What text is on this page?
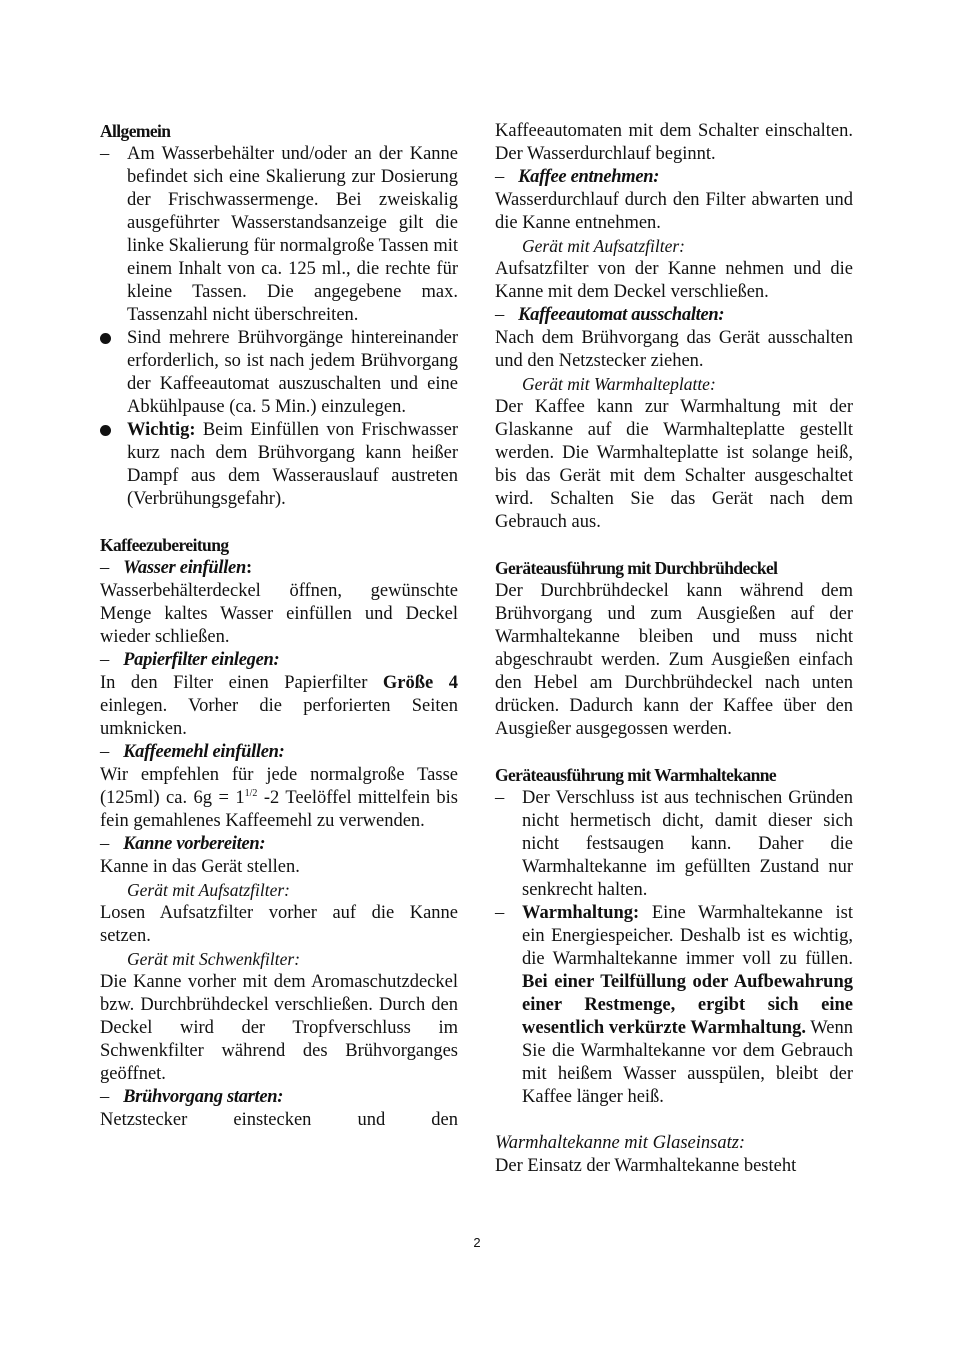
Allgemein

– Am Wasserbehälter und/oder an der Kanne befindet sich eine Skalierung zur Dosierung der Frischwassermenge. Bei zweiskalig ausgeführter Wasserstandsanzeige gilt die linke Skalierung für normalgroße Tassen mit einem Inhalt von ca. 125 ml., die rechte für kleine Tassen. Die angegebene max. Tassenzahl nicht überschreiten.
Sind mehrere Brühvorgänge hintereinander erforderlich, so ist nach jedem Brühvorgang der Kaffeeautomat auszuschalten und eine Abkühlpause (ca. 5 Min.) einzulegen.
Wichtig: Beim Einfüllen von Frischwasser kurz nach dem Brühvorgang kann heißer Dampf aus dem Wasserauslauf austreten (Verbrühungsgefahr).

Kaffeezubereitung

– Wasser einfüllen:

Wasserbehälterdeckel öffnen, gewünschte Menge kaltes Wasser einfüllen und Deckel wieder schließen.

– Papierfilter einlegen:

In den Filter einen Papierfilter Größe 4 einlegen. Vorher die perforierten Seiten umknicken.

– Kaffeemehl einfüllen:

Wir empfehlen für jede normalgroße Tasse (125ml) ca. $6g = 1^{1/2}$ -2 Teelöffel mittelfein bis fein gemahlenes Kaffeemehl zu verwenden.

– Kanne vorbereiten:

Kanne in das Gerät stellen.

Gerät mit Aufsatzfilter:

Losen Aufsatzfilter vorher auf die Kanne setzen.

Gerät mit Schwenkfilter:

Die Kanne vorher mit dem Aromaschutzdeckel bzw. Durchbrühdeckel verschließen. Durch den Deckel wird der Tropfverschluss im Schwenkfilter während des Brühvorganges geöffnet.

– Brühvorgang starten:

Netzstecker einstecken und den

Kaffeeautomaten mit dem Schalter einschalten. Der Wasserdurchlauf beginnt.

– Kaffee entnehmen:

Wasserdurchlauf durch den Filter abwarten und die Kanne entnehmen.

Gerät mit Aufsatzfilter:

Aufsatzfilter von der Kanne nehmen und die Kanne mit dem Deckel verschließen.

– Kaffeeautomat ausschalten:

Nach dem Brühvorgang das Gerät ausschalten und den Netzstecker ziehen.

Gerät mit Warmhalteplatte:

Der Kaffee kann zur Warmhaltung mit der Glaskanne auf die Warmhalteplatte gestellt werden. Die Warmhalteplatte ist solange heiß, bis das Gerät mit dem Schalter ausgeschaltet wird. Schalten Sie das Gerät nach dem Gebrauch aus.

Geräteausführung mit Durchbrühdeckel

Der Durchbrühdeckel kann während dem Brühvorgang und zum Ausgießen auf der Warmhaltekanne bleiben und muss nicht abgeschraubt werden. Zum Ausgießen einfach den Hebel am Durchbrühdeckel nach unten drücken. Dadurch kann der Kaffee über den Ausgießer ausgegossen werden.

Geräteausführung mit Warmhaltekanne

– Der Verschluss ist aus technischen Gründen nicht hermetisch dicht, damit dieser sich nicht festsaugen kann. Daher die Warmhaltekanne im gefüllten Zustand nur senkrecht halten.
– Warmhaltung: Eine Warmhaltekanne ist ein Energiespeicher. Deshalb ist es wichtig, die Warmhaltekanne immer voll zu füllen. Bei einer Teilfüllung oder Aufbewahrung einer Restmenge, ergibt sich eine wesentlich verkürzte Warmhaltung. Wenn Sie die Warmhaltekanne vor dem Gebrauch mit heißem Wasser ausspülen, bleibt der Kaffee länger heiß.

Warmhaltekanne mit Glaseinsatz:

Der Einsatz der Warmhaltekanne besteht

2
